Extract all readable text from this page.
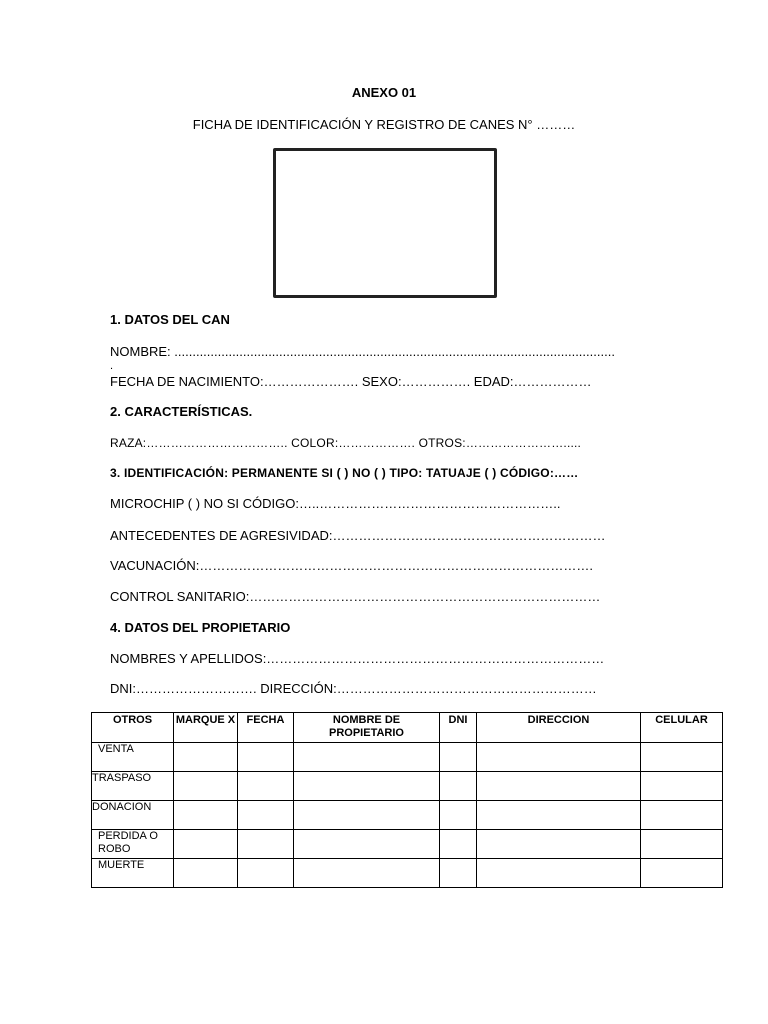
ANEXO 01
FICHA DE IDENTIFICACIÓN Y REGISTRO DE CANES N° ………
1. DATOS DEL CAN
NOMBRE: ..........................................................................................................................
.
FECHA DE NACIMIENTO:…………………. SEXO:……………. EDAD:………………
2. CARACTERÍSTICAS.
RAZA:…………………………….. COLOR:………………. OTROS:…………………….....
3. IDENTIFICACIÓN: PERMANENTE SI ( ) NO ( ) TIPO: TATUAJE ( ) CÓDIGO:……
MICROCHIP ( ) NO SI CÓDIGO:…..………………………………………………..
ANTECEDENTES DE AGRESIVIDAD:………………………………………………………
VACUNACIÓN:……………………………………………………………………………….
CONTROL SANITARIO:………………………………………………………………………
4. DATOS DEL PROPIETARIO
NOMBRES Y APELLIDOS:……………………………………………………………………
DNI:………………………. DIRECCIÓN:……………………………………………………
OTROS	MARQUE X	FECHA	NOMBRE DE PROPIETARIO	DNI	DIRECCION	CELULAR
VENTA						
TRASPASO						
DONACION						
PERDIDA O ROBO						
MUERTE						
